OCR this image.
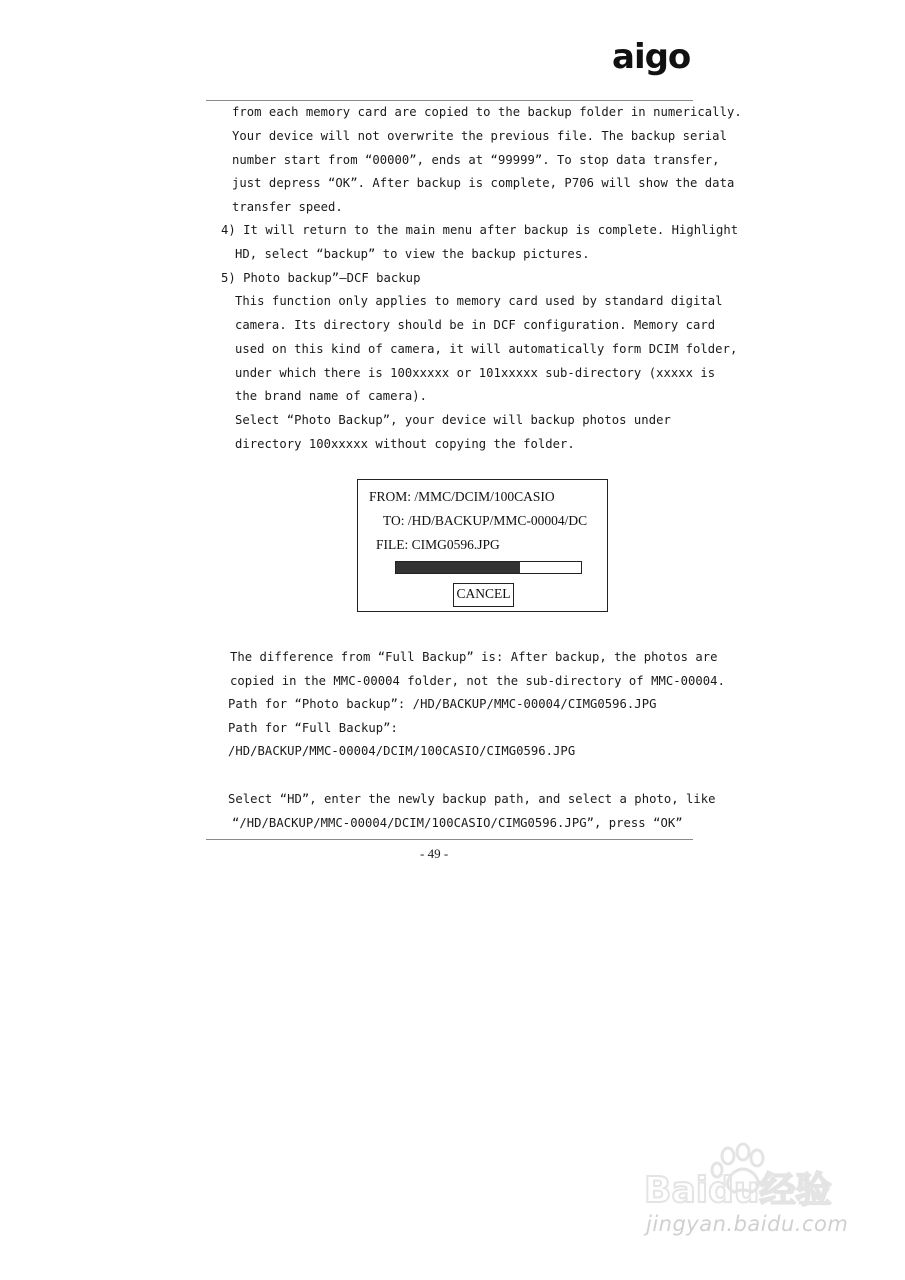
aigo
from each memory card are copied to the backup folder in numerically.
Your device will not overwrite the previous file. The backup serial
number start from “00000”, ends at “99999”. To stop data transfer,
just depress “OK”. After backup is complete, P706 will show the data
transfer speed.
4) It will return to the main menu after backup is complete. Highlight
HD, select “backup” to view the backup pictures.
5) Photo backup”—DCF backup
This function only applies to memory card used by standard digital
camera. Its directory should be in DCF configuration. Memory card
used on this kind of camera, it will automatically form DCIM folder,
under which there is 100xxxxx or 101xxxxx sub-directory (xxxxx is
the brand name of camera).
Select “Photo Backup”, your device will backup photos under
directory 100xxxxx without copying the folder.
FROM: /MMC/DCIM/100CASIO
TO: /HD/BACKUP/MMC-00004/DC
FILE: CIMG0596.JPG
CANCEL
The difference from “Full Backup” is: After backup, the photos are
copied in the MMC-00004 folder, not the sub-directory of MMC-00004.
Path for “Photo backup”: /HD/BACKUP/MMC-00004/CIMG0596.JPG
Path for “Full Backup”:
/HD/BACKUP/MMC-00004/DCIM/100CASIO/CIMG0596.JPG
Select “HD”, enter the newly backup path, and select a photo, like
“/HD/BACKUP/MMC-00004/DCIM/100CASIO/CIMG0596.JPG”, press “OK”
- 49 -
Baidu经验
jingyan.baidu.com
